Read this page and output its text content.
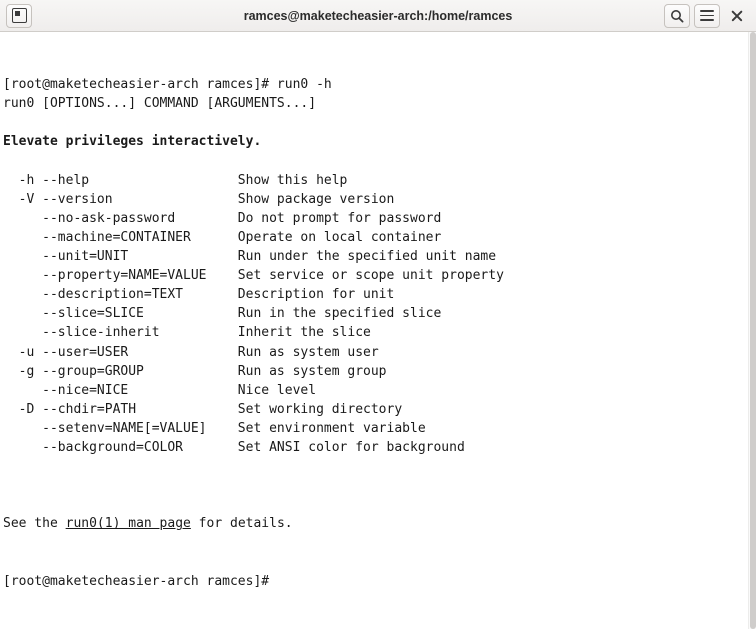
ramces@maketecheasier-arch:/home/ramces

[root@maketecheasier-arch ramces]# run0 -h
run0 [OPTIONS...] COMMAND [ARGUMENTS...]

Elevate privileges interactively.

-h --help                   Show this help
-V --version                Show package version
--no-ask-password        Do not prompt for password
--machine=CONTAINER      Operate on local container
--unit=UNIT              Run under the specified unit name
--property=NAME=VALUE    Set service or scope unit property
--description=TEXT       Description for unit
--slice=SLICE            Run in the specified slice
--slice-inherit          Inherit the slice
-u --user=USER              Run as system user
-g --group=GROUP            Run as system group
--nice=NICE              Nice level
-D --chdir=PATH             Set working directory
--setenv=NAME[=VALUE]    Set environment variable
--background=COLOR       Set ANSI color for background

See the run0(1) man page for details.

[root@maketecheasier-arch ramces]#
